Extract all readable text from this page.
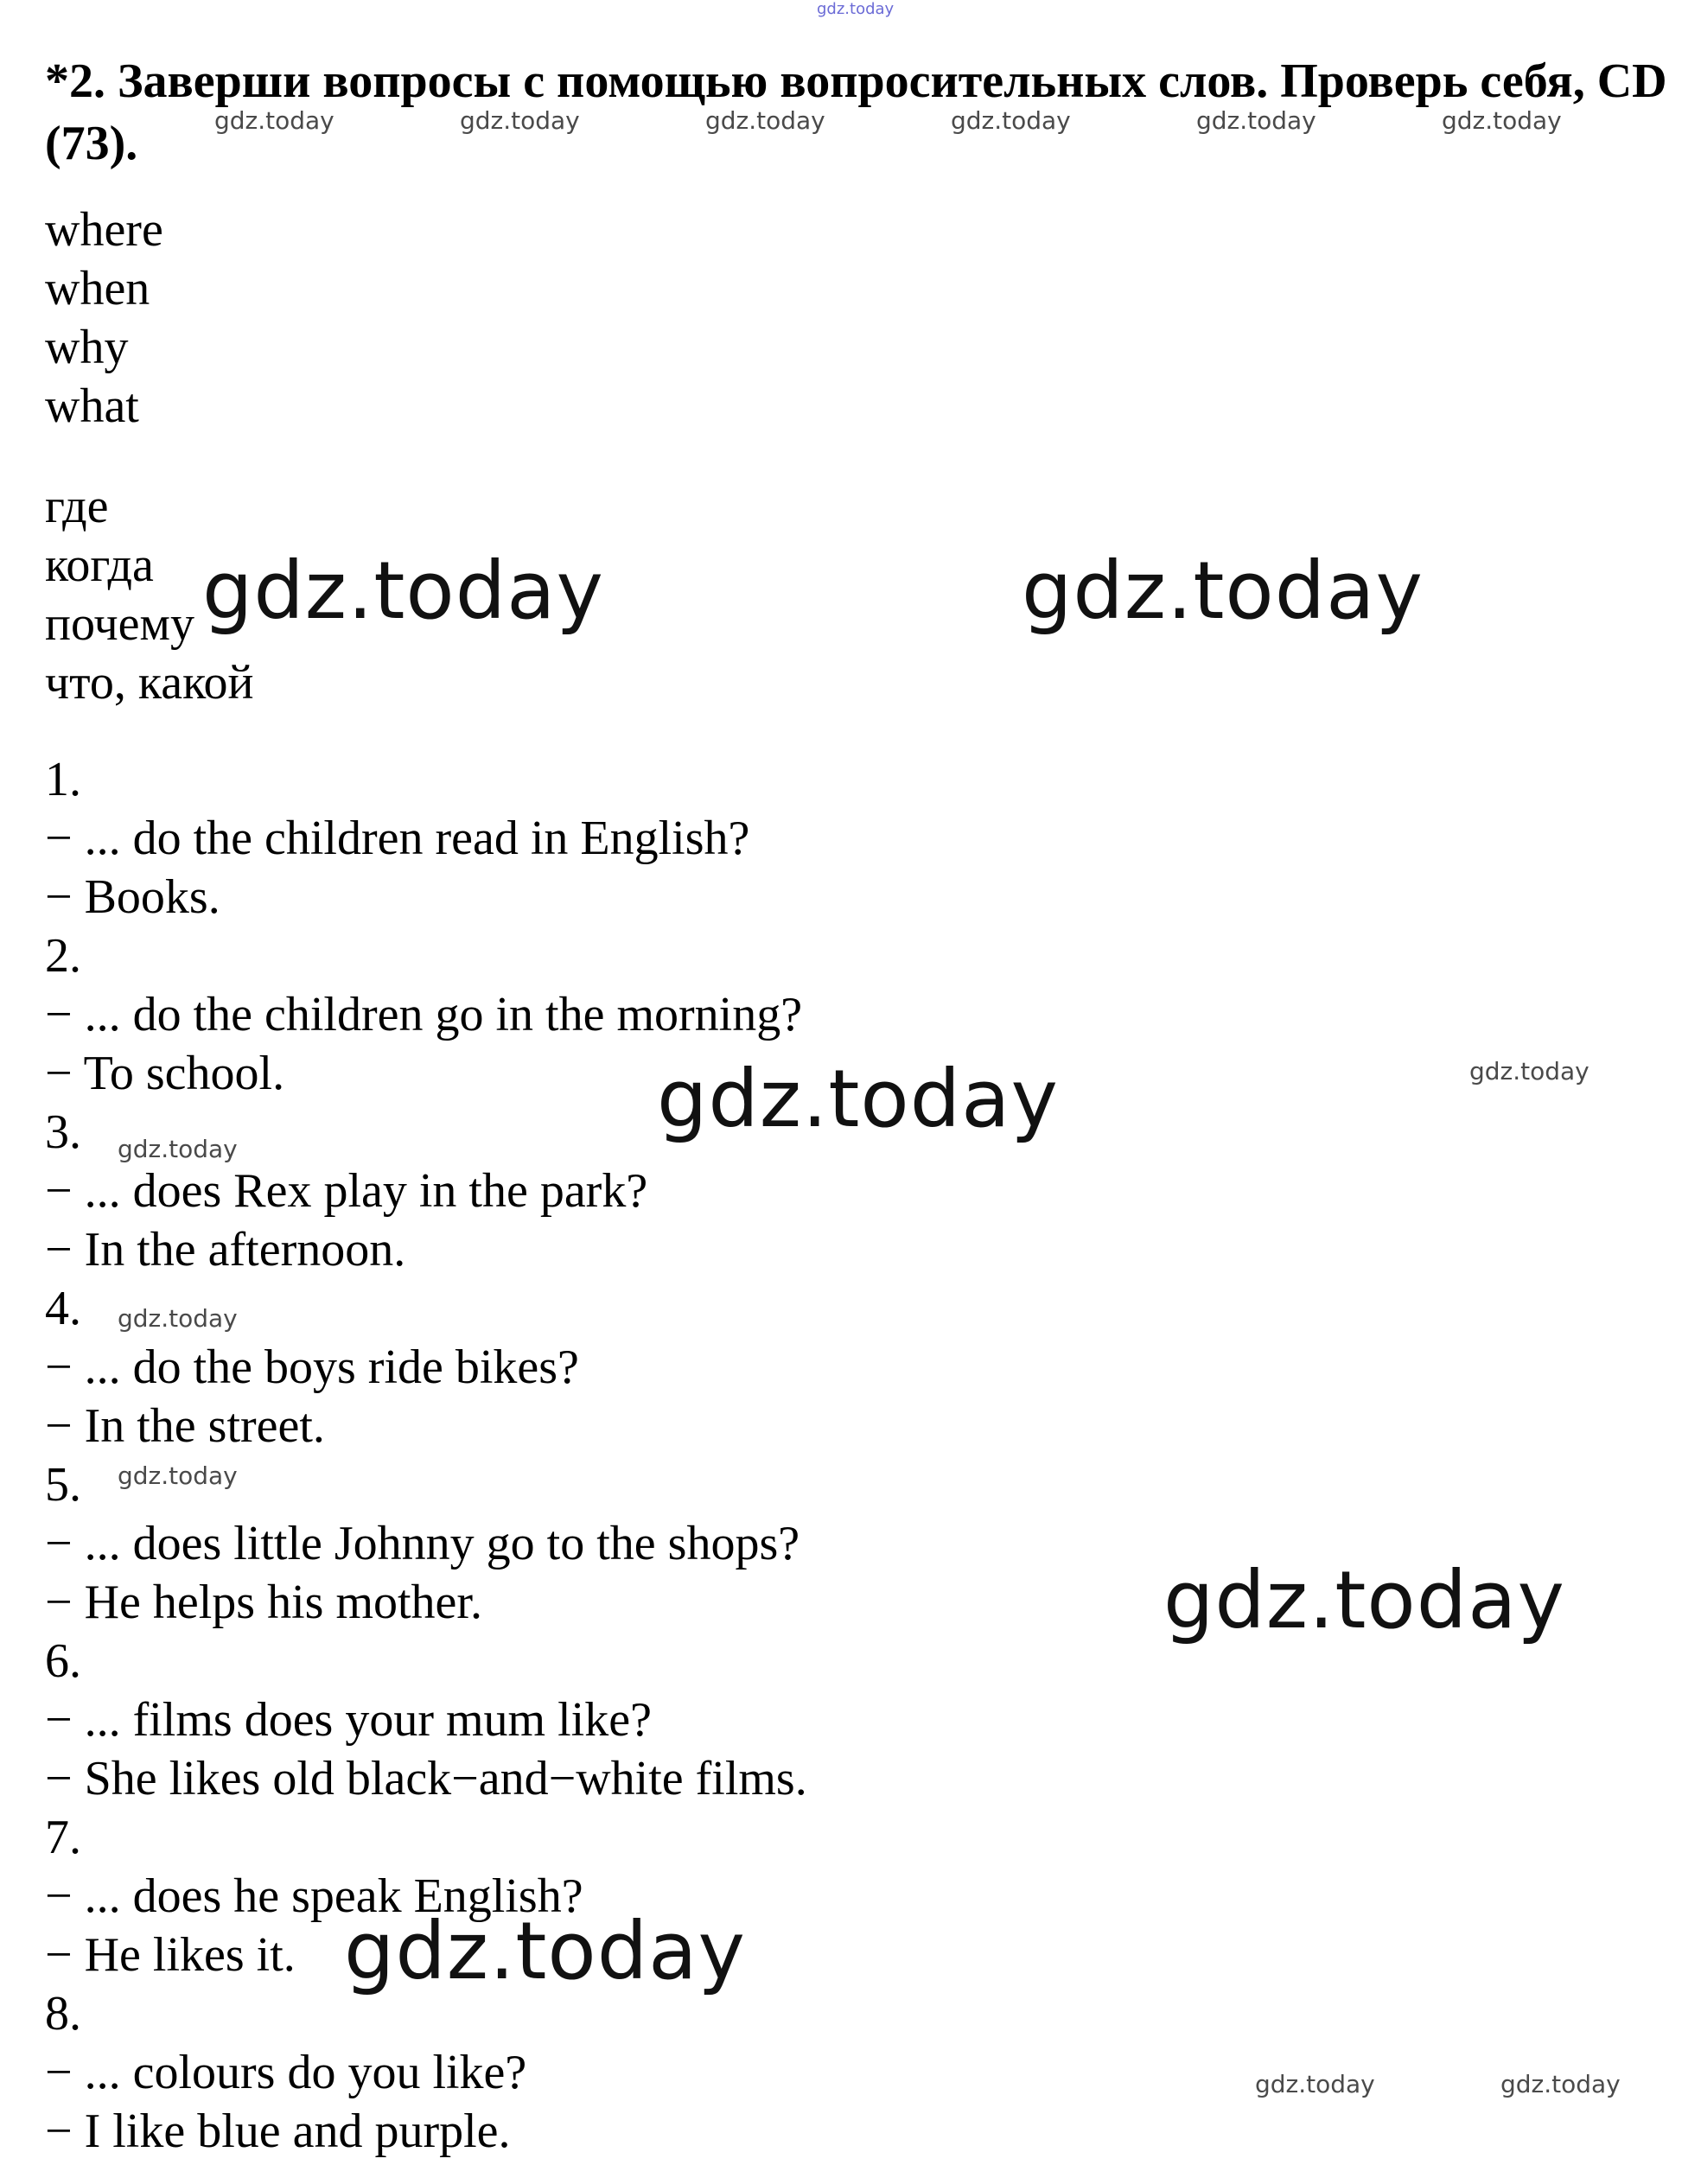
gdz.today
*2. Заверши вопросы с помощью вопросительных слов. Проверь себя, CD (73).
where
when
why
what
где
когда
почему
что, какой
1.
− ... do the children read in English?
− Books.
2.
− ... do the children go in the morning?
− To school.
3.
− ... does Rex play in the park?
− In the afternoon.
4.
− ... do the boys ride bikes?
− In the street.
5.
− ... does little Johnny go to the shops?
− He helps his mother.
6.
− ... films does your mum like?
− She likes old black−and−white films.
7.
− ... does he speak English?
− He likes it.
8.
− ... colours do you like?
− I like blue and purple.
gdz.today	gdz.today	gdz.today	gdz.today	gdz.today	gdz.today
gdz.today
gdz.today
gdz.today
gdz.today
gdz.today	gdz.today
gdz.today	gdz.today
gdz.today
gdz.today
gdz.today
